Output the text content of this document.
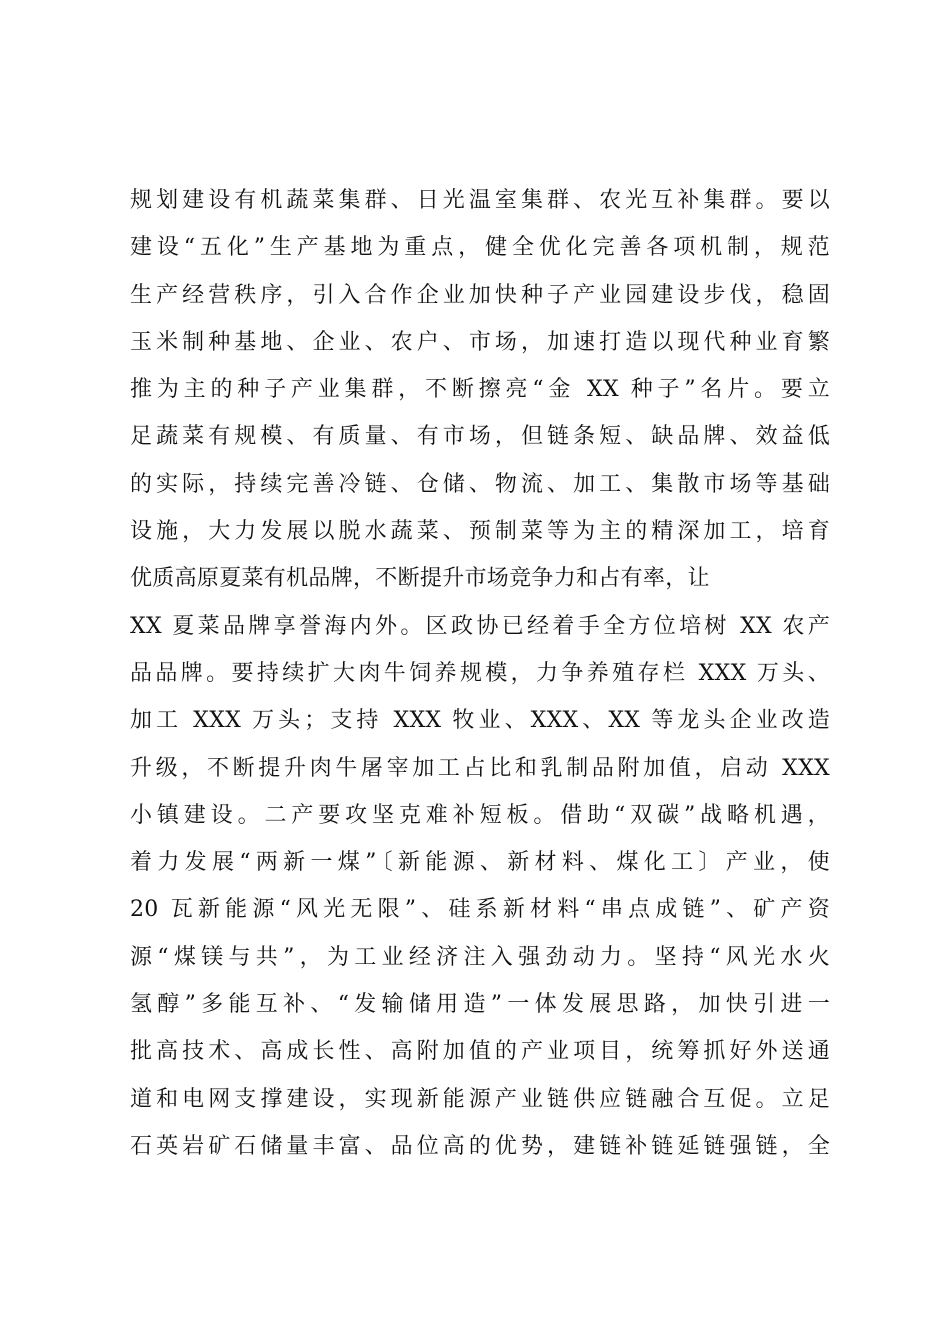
规划建设有机蔬菜集群、日光温室集群、农光互补集群。要以
建设“五化”生产基地为重点，健全优化完善各项机制，规范
生产经营秩序，引入合作企业加快种子产业园建设步伐，稳固
玉米制种基地、企业、农户、市场，加速打造以现代种业育繁
推为主的种子产业集群，不断擦亮“金 XX 种子”名片。要立
足蔬菜有规模、有质量、有市场，但链条短、缺品牌、效益低
的实际，持续完善冷链、仓储、物流、加工、集散市场等基础
设施，大力发展以脱水蔬菜、预制菜等为主的精深加工，培育
优质高原夏菜有机品牌，不断提升市场竞争力和占有率，让
XX 夏菜品牌享誉海内外。区政协已经着手全方位培树 XX 农产
品品牌。要持续扩大肉牛饲养规模，力争养殖存栏 XXX 万头、
加工 XXX 万头；支持 XXX 牧业、XXX、XX 等龙头企业改造
升级，不断提升肉牛屠宰加工占比和乳制品附加值，启动 XXX
小镇建设。二产要攻坚克难补短板。借助“双碳”战略机遇，
着力发展“两新一煤”〔新能源、新材料、煤化工〕产业，使
20 瓦新能源“风光无限”、硅系新材料“串点成链”、矿产资
源“煤镁与共”，为工业经济注入强劲动力。坚持“风光水火
氢醇”多能互补、“发输储用造”一体发展思路，加快引进一
批高技术、高成长性、高附加值的产业项目，统筹抓好外送通
道和电网支撑建设，实现新能源产业链供应链融合互促。立足
石英岩矿石储量丰富、品位高的优势，建链补链延链强链，全
